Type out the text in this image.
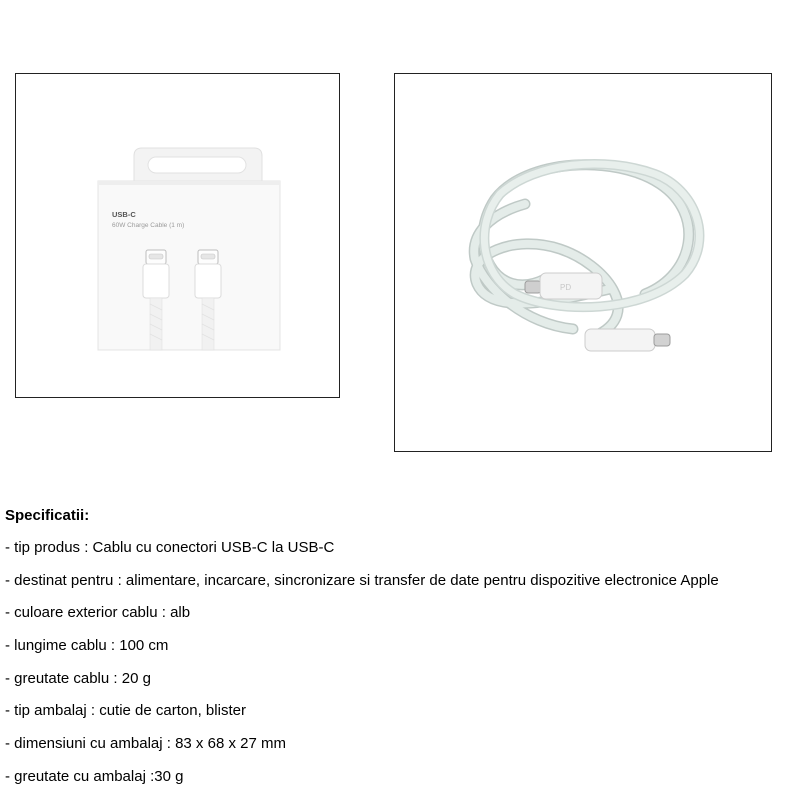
USB-C
60W Charge Cable (1 m)
PD
Specificatii:
- tip produs : Cablu cu conectori USB-C la USB-C
- destinat pentru : alimentare, incarcare, sincronizare si transfer de date pentru dispozitive electronice Apple
- culoare exterior cablu : alb
- lungime cablu : 100 cm
- greutate cablu : 20 g
- tip ambalaj : cutie de carton, blister
- dimensiuni cu ambalaj : 83 x 68 x 27 mm
- greutate cu ambalaj :30 g
